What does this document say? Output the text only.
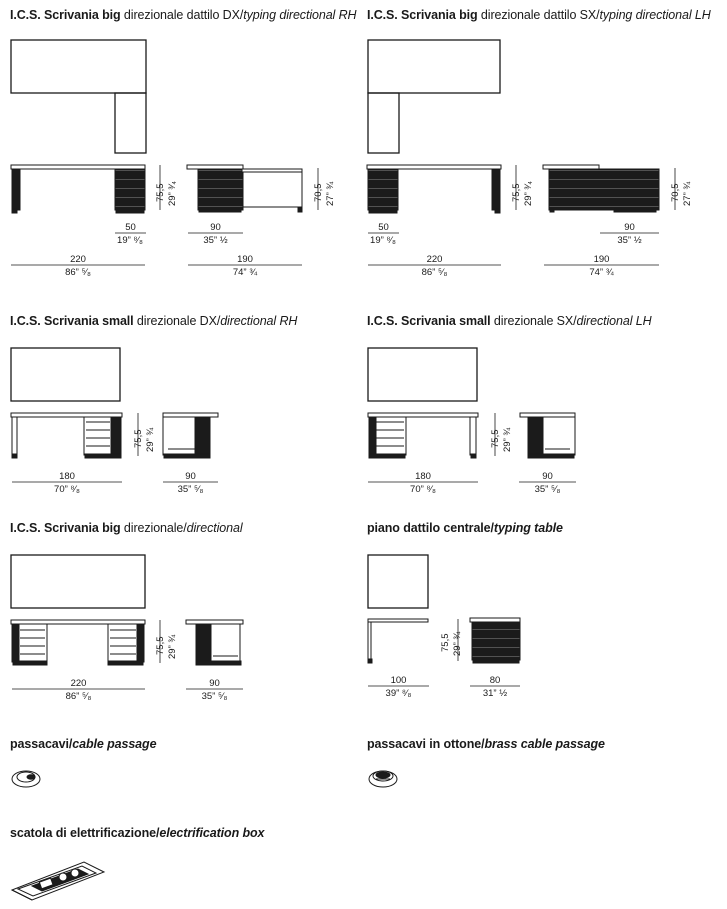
I.C.S. Scrivania big direzionale dattilo DX/typing directional RH I.C.S. Scrivania big direzionale dattilo SX/typing directional LH
I.C.S. Scrivania small direzionale DX/directional RH	I.C.S. Scrivania small direzionale SX/directional LH
I.C.S. Scrivania big direzionale/directional	piano dattilo centrale/typing table
passacavi/cable passage	passacavi in ottone/brass cable passage
scatola di elettrificazione/electrification box
50
19” ⁸⁄₈
90
35” ½
220
86” ⁵⁄₈
190
74” ¾
75,5 29” ³⁄₄	70,5 27” ¾
50
19” ⁸⁄₈
90
35” ½
220
86” ⁵⁄₈
190
74” ¾
75,5 29” ³⁄₄	70,5 27” ¾
180
70” ⁸⁄₈
90
35” ⁵⁄₈
75,5 29” ¾
180
70” ⁸⁄₈
90
35” ⁵⁄₈
75,5 29” ¾
220
86” ⁵⁄₈
90
35” ⁵⁄₈
75,5 29” ¾
100
39” ⁸⁄₈
80
31” ½
75,5 29” ¾
